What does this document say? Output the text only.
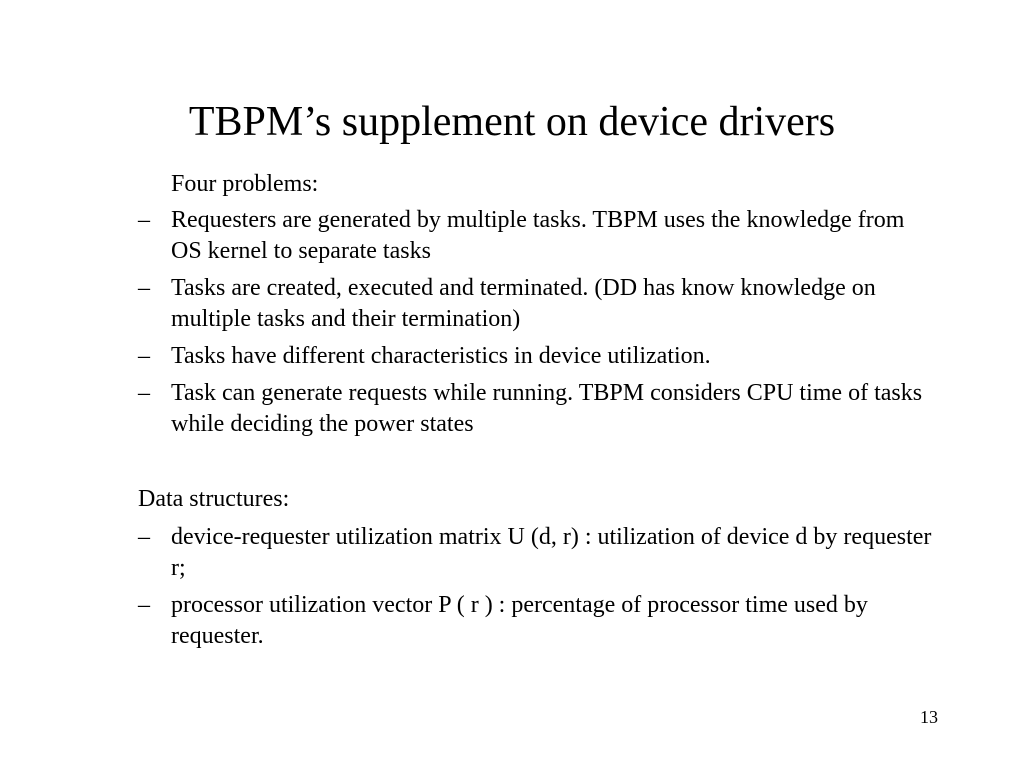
TBPM’s supplement on device drivers
Four problems:
– Requesters are generated by multiple tasks. TBPM uses the knowledge from OS kernel to separate tasks
– Tasks are created, executed and terminated. (DD has know knowledge on multiple tasks and their termination)
– Tasks have different characteristics in device utilization.
– Task can generate requests while running. TBPM considers CPU time of tasks while deciding the power states
Data structures:
– device-requester utilization matrix U (d, r) : utilization of device d by requester r;
– processor utilization vector P ( r ) : percentage of processor time used by requester.
13
